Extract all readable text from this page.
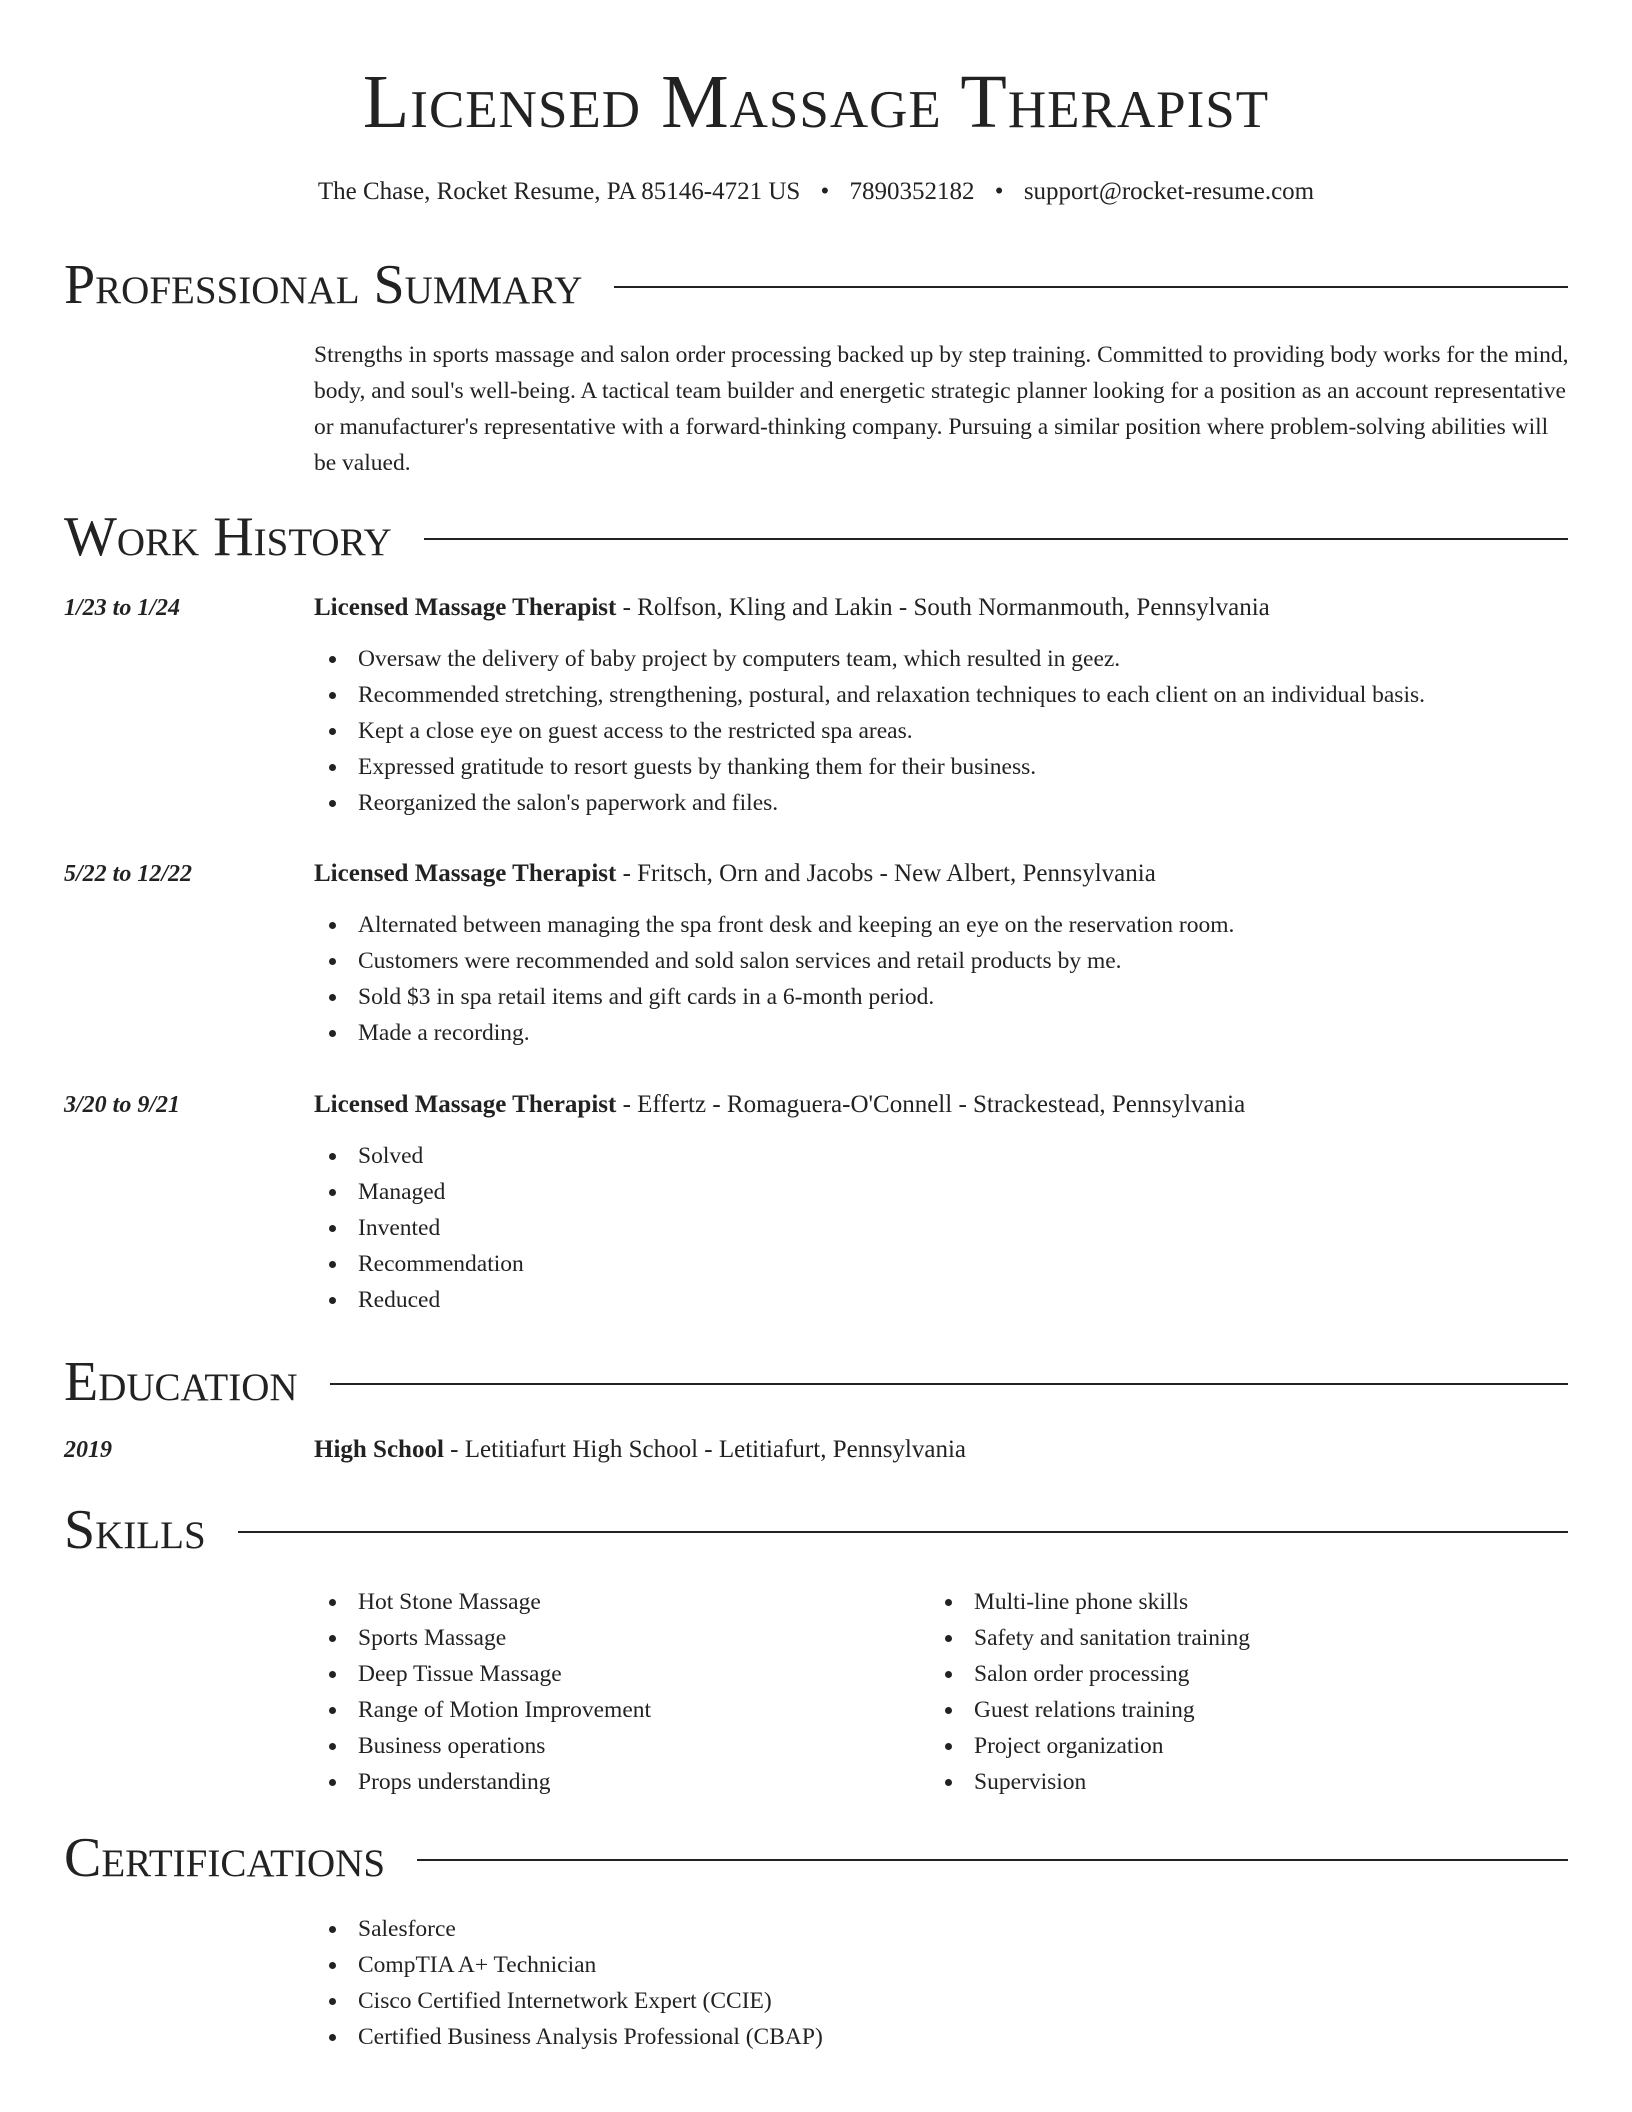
Licensed Massage Therapist
The Chase, Rocket Resume, PA 85146-4721 US • 7890352182 • support@rocket-resume.com
Professional Summary

Strengths in sports massage and salon order processing backed up by step training. Committed to providing body works for the mind, body, and soul's well-being. A tactical team builder and energetic strategic planner looking for a position as an account representative or manufacturer's representative with a forward-thinking company. Pursuing a similar position where problem-solving abilities will be valued.

Work History
1/23 to 1/24	Licensed Massage Therapist - Rolfson, Kling and Lakin - South Normanmouth, Pennsylvania
Oversaw the delivery of baby project by computers team, which resulted in geez.
Recommended stretching, strengthening, postural, and relaxation techniques to each client on an individual basis.
Kept a close eye on guest access to the restricted spa areas.
Expressed gratitude to resort guests by thanking them for their business.
Reorganized the salon's paperwork and files.
5/22 to 12/22	Licensed Massage Therapist - Fritsch, Orn and Jacobs - New Albert, Pennsylvania
Alternated between managing the spa front desk and keeping an eye on the reservation room.
Customers were recommended and sold salon services and retail products by me.
Sold $3 in spa retail items and gift cards in a 6-month period.
Made a recording.
3/20 to 9/21	Licensed Massage Therapist - Effertz - Romaguera-O'Connell - Strackestead, Pennsylvania
Solved
Managed
Invented
Recommendation
Reduced
Education
2019	High School - Letitiafurt High School - Letitiafurt, Pennsylvania
Skills
Hot Stone Massage
Sports Massage
Deep Tissue Massage
Range of Motion Improvement
Business operations
Props understanding
Multi-line phone skills
Safety and sanitation training
Salon order processing
Guest relations training
Project organization
Supervision
Certifications
Salesforce
CompTIA A+ Technician
Cisco Certified Internetwork Expert (CCIE)
Certified Business Analysis Professional (CBAP)
